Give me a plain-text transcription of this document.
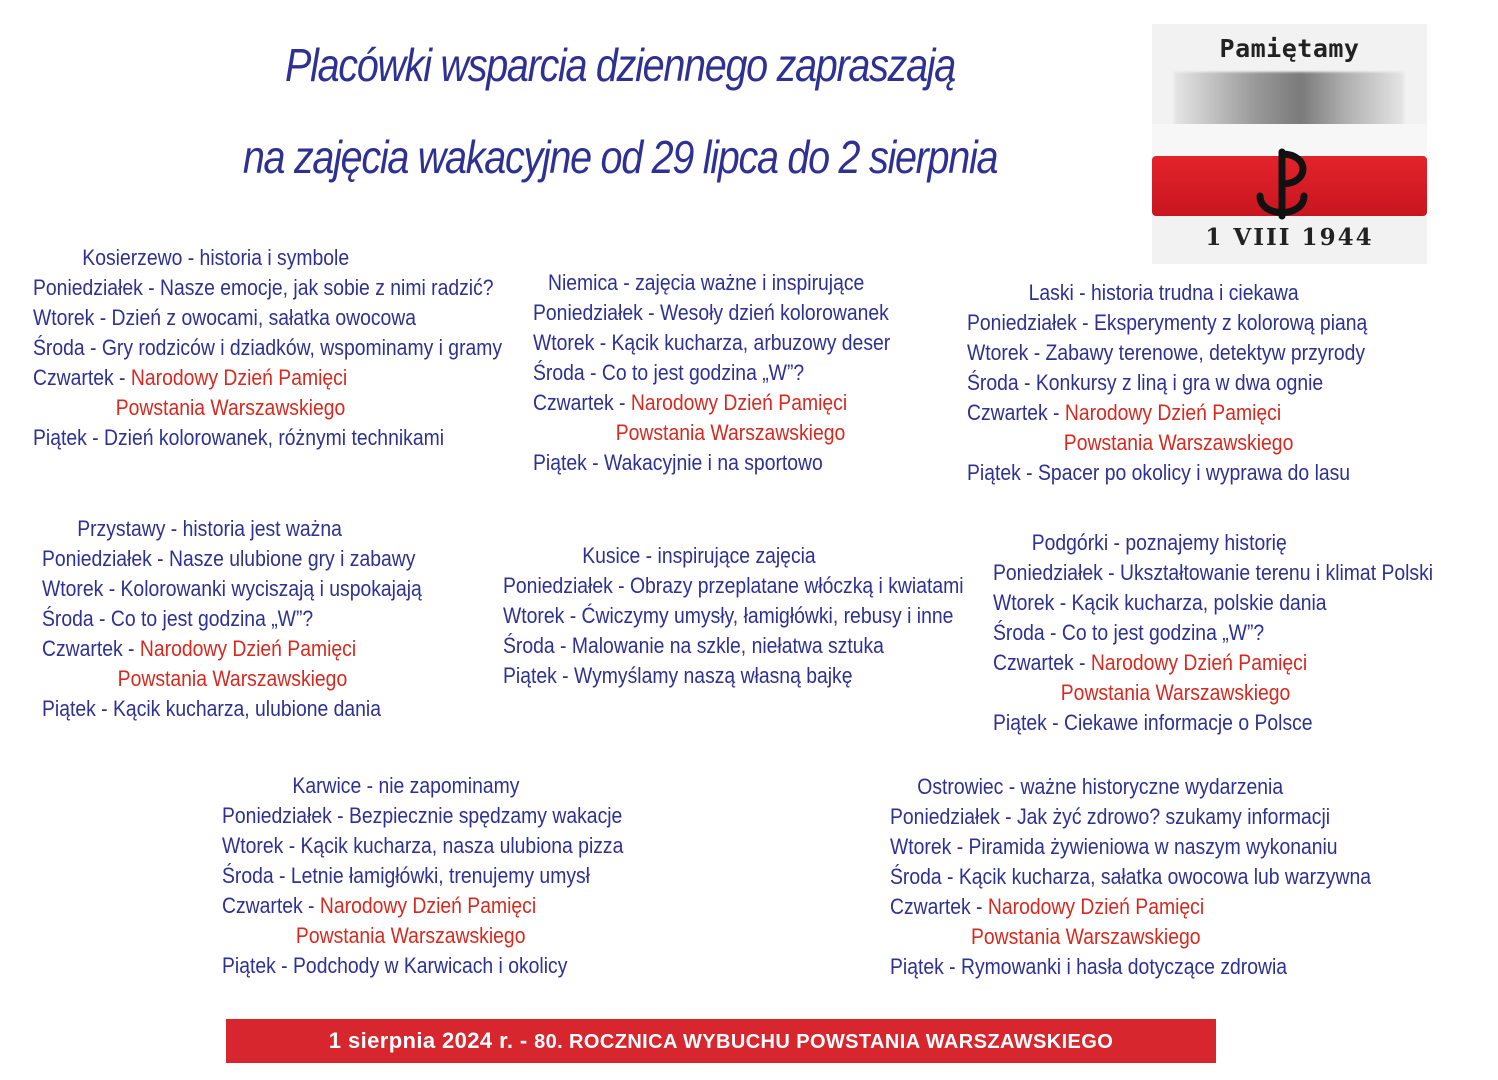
Placówki wsparcia dziennego zapraszają
na zajęcia wakacyjne od 29 lipca do 2 sierpnia
Pamiętamy
1 VIII 1944
Kosierzewo - historia i symbole
Poniedziałek - Nasze emocje, jak sobie z nimi radzić?
Wtorek - Dzień z owocami, sałatka owocowa
Środa - Gry rodziców i dziadków, wspominamy i gramy
Czwartek - Narodowy Dzień Pamięci
Powstania Warszawskiego
Piątek - Dzień kolorowanek, różnymi technikami
Niemica - zajęcia ważne i inspirujące
Poniedziałek - Wesoły dzień kolorowanek
Wtorek - Kącik kucharza, arbuzowy deser
Środa - Co to jest godzina „W”?
Czwartek - Narodowy Dzień Pamięci
Powstania Warszawskiego
Piątek - Wakacyjnie i na sportowo
Laski - historia trudna i ciekawa
Poniedziałek - Eksperymenty z kolorową pianą
Wtorek - Zabawy terenowe, detektyw przyrody
Środa - Konkursy z liną i gra w dwa ognie
Czwartek - Narodowy Dzień Pamięci
Powstania Warszawskiego
Piątek - Spacer po okolicy i wyprawa do lasu
Przystawy - historia jest ważna
Poniedziałek - Nasze ulubione gry i zabawy
Wtorek - Kolorowanki wyciszają i uspokajają
Środa - Co to jest godzina „W”?
Czwartek - Narodowy Dzień Pamięci
Powstania Warszawskiego
Piątek - Kącik kucharza, ulubione dania
Kusice - inspirujące zajęcia
Poniedziałek - Obrazy przeplatane włóczką i kwiatami
Wtorek - Ćwiczymy umysły, łamigłówki, rebusy i inne
Środa - Malowanie na szkle, niełatwa sztuka
Piątek - Wymyślamy naszą własną bajkę
Podgórki - poznajemy historię
Poniedziałek - Ukształtowanie terenu i klimat Polski
Wtorek - Kącik kucharza, polskie dania
Środa - Co to jest godzina „W”?
Czwartek - Narodowy Dzień Pamięci
Powstania Warszawskiego
Piątek - Ciekawe informacje o Polsce
Karwice - nie zapominamy
Poniedziałek - Bezpiecznie spędzamy wakacje
Wtorek - Kącik kucharza, nasza ulubiona pizza
Środa - Letnie łamigłówki, trenujemy umysł
Czwartek - Narodowy Dzień Pamięci
Powstania Warszawskiego
Piątek - Podchody w Karwicach i okolicy
Ostrowiec - ważne historyczne wydarzenia
Poniedziałek - Jak żyć zdrowo? szukamy informacji
Wtorek - Piramida żywieniowa w naszym wykonaniu
Środa - Kącik kucharza, sałatka owocowa lub warzywna
Czwartek - Narodowy Dzień Pamięci
Powstania Warszawskiego
Piątek - Rymowanki i hasła dotyczące zdrowia
1 sierpnia 2024 r. - 80. ROCZNICA WYBUCHU POWSTANIA WARSZAWSKIEGO
